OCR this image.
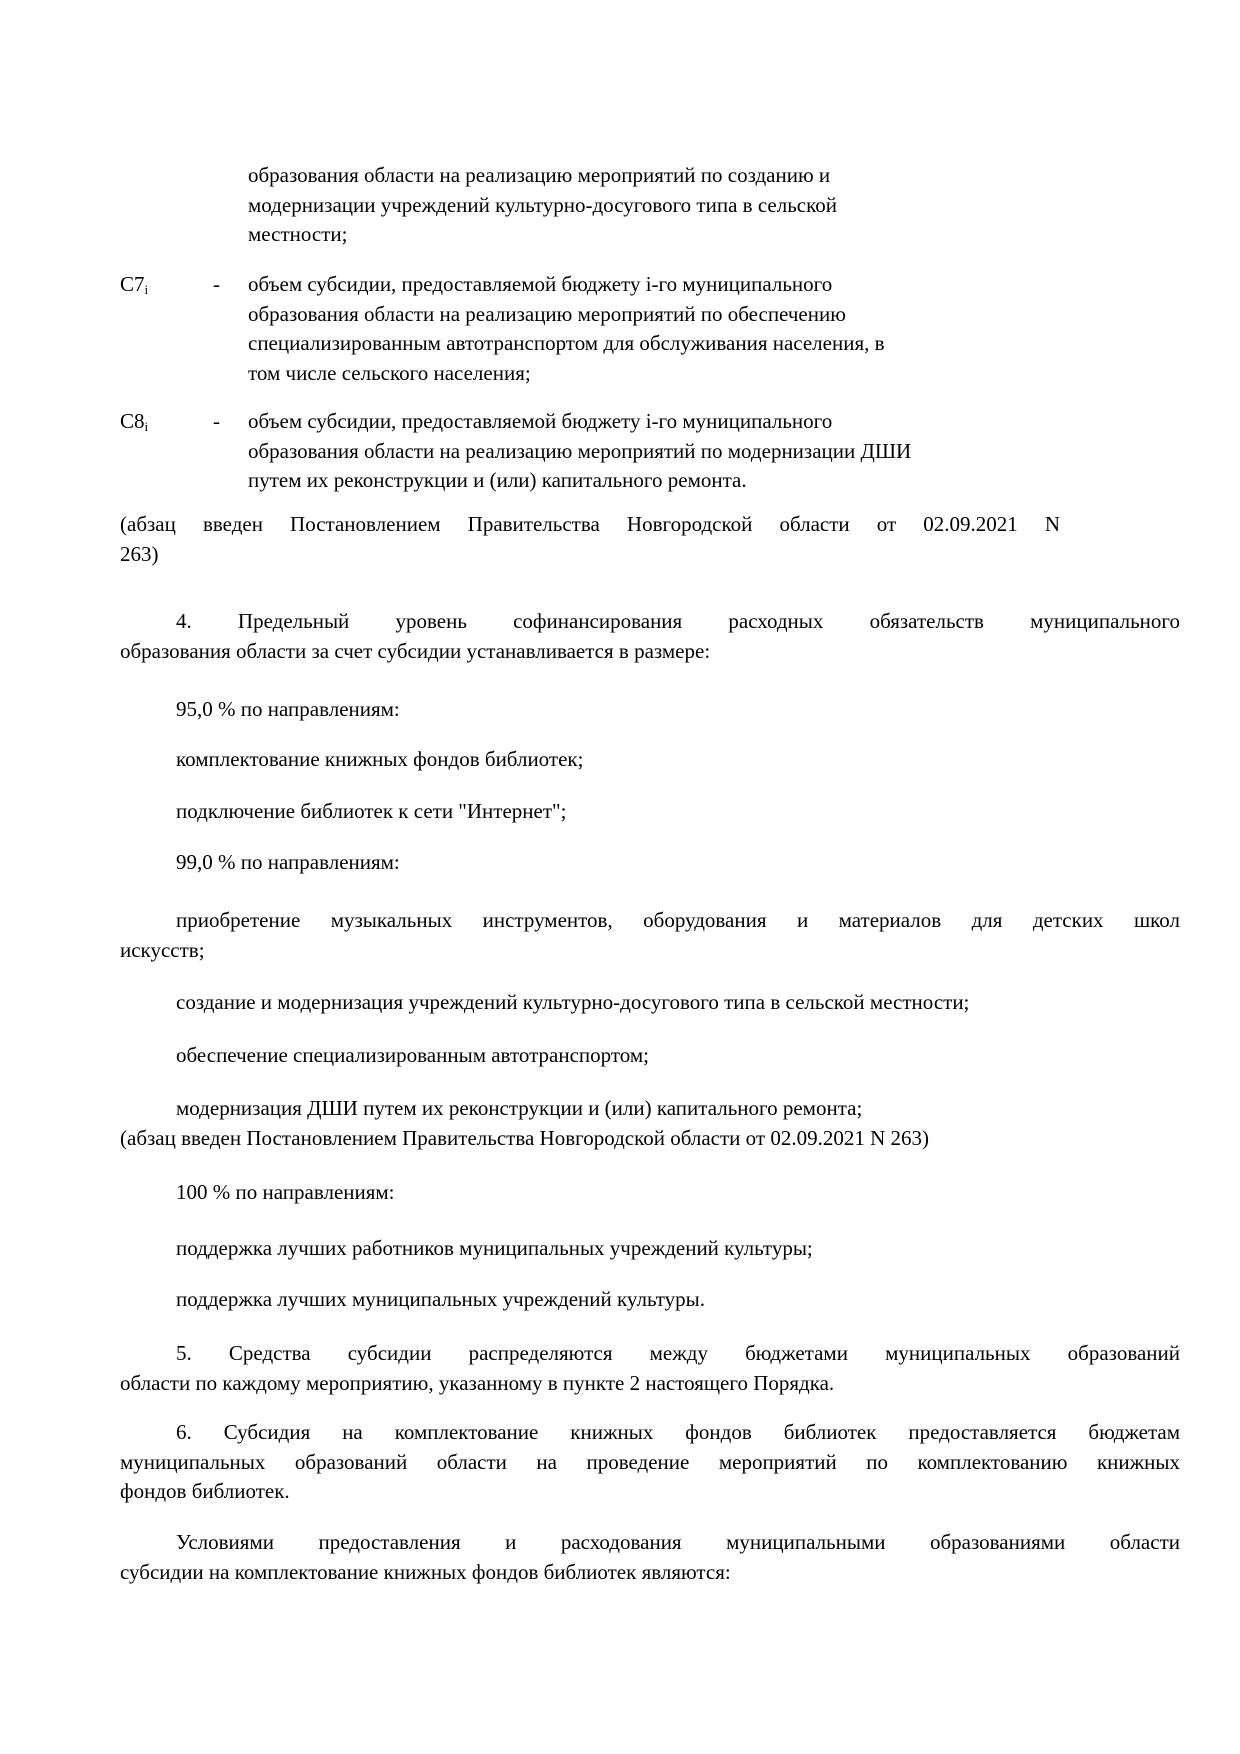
образования области на реализацию мероприятий по созданию и
модернизации учреждений культурно-досугового типа в сельской
местности;
$C7_i$	- объем субсидии, предоставляемой бюджету i-го муниципального
образования области на реализацию мероприятий по обеспечению
специализированным автотранспортом для обслуживания населения, в
том числе сельского населения;
$C8_i$	- объем субсидии, предоставляемой бюджету i-го муниципального
образования области на реализацию мероприятий по модернизации ДШИ
путем их реконструкции и (или) капитального ремонта.
(абзац введен Постановлением Правительства Новгородской области от 02.09.2021 N
263)
4. Предельный уровень софинансирования расходных обязательств муниципального
образования области за счет субсидии устанавливается в размере:
95,0 % по направлениям:
комплектование книжных фондов библиотек;
подключение библиотек к сети "Интернет";
99,0 % по направлениям:
приобретение музыкальных инструментов, оборудования и материалов для детских школ
искусств;
создание и модернизация учреждений культурно-досугового типа в сельской местности;
обеспечение специализированным автотранспортом;
модернизация ДШИ путем их реконструкции и (или) капитального ремонта;
(абзац введен Постановлением Правительства Новгородской области от 02.09.2021 N 263)
100 % по направлениям:
поддержка лучших работников муниципальных учреждений культуры;
поддержка лучших муниципальных учреждений культуры.
5. Средства субсидии распределяются между бюджетами муниципальных образований
области по каждому мероприятию, указанному в пункте 2 настоящего Порядка.
6. Субсидия на комплектование книжных фондов библиотек предоставляется бюджетам
муниципальных образований области на проведение мероприятий по комплектованию книжных
фондов библиотек.
Условиями предоставления и расходования муниципальными образованиями области
субсидии на комплектование книжных фондов библиотек являются:
